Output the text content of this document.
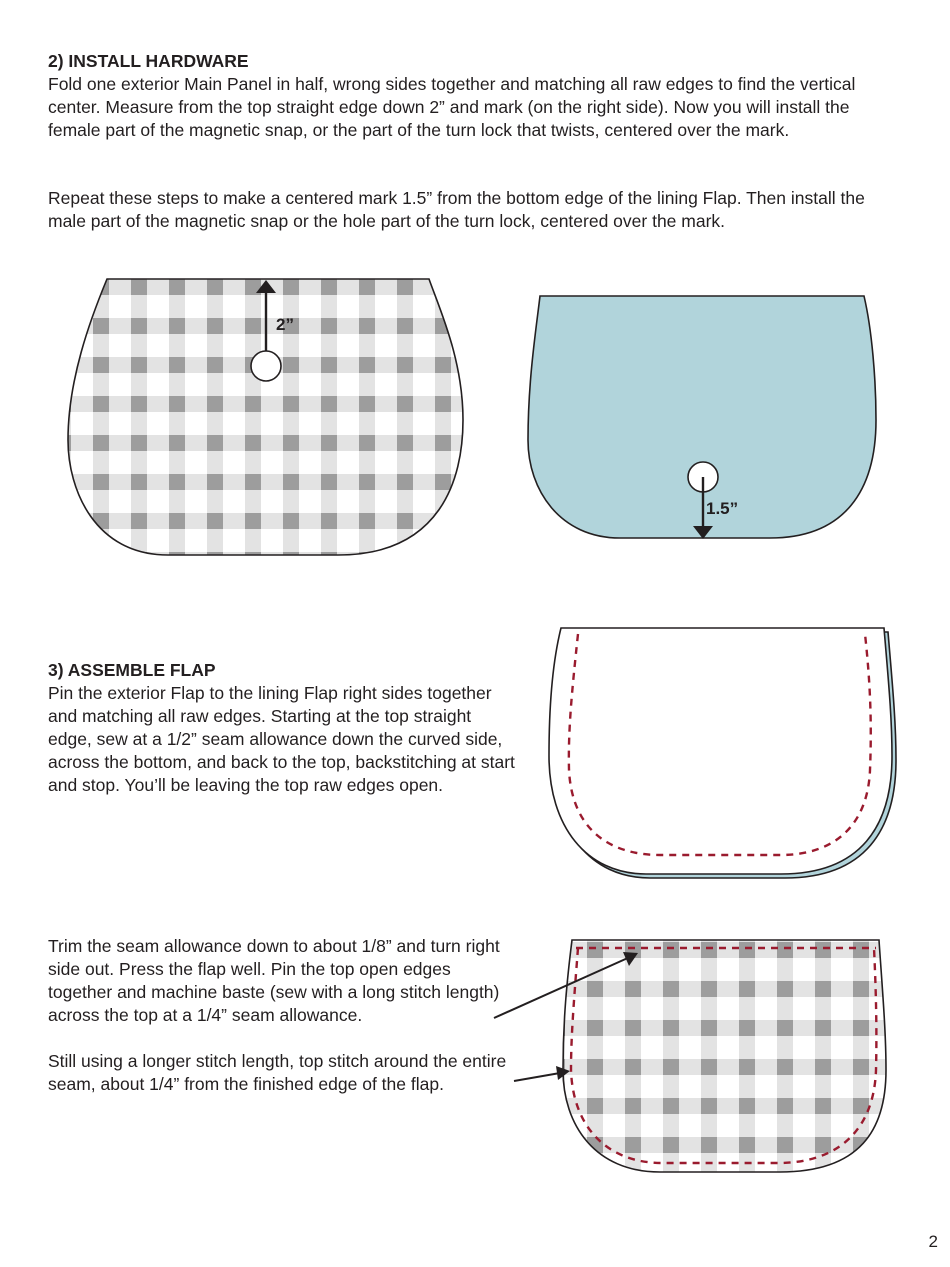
2) INSTALL HARDWARE
Fold one exterior Main Panel in half, wrong sides together and matching all raw edges to find the vertical center. Measure from the top straight edge down 2” and mark (on the right side). Now you will install the female part of the magnetic snap, or the part of the turn lock that twists, centered over the mark.
Repeat these steps to make a centered mark 1.5” from the bottom edge of the lining Flap. Then install the male part of the magnetic snap or the hole part of the turn lock, centered over the mark.
3) ASSEMBLE FLAP
Pin the exterior Flap to the lining Flap right sides together and matching all raw edges. Starting at the top straight edge, sew at a 1/2” seam allowance down the curved side, across the bottom, and back to the top, backstitching at start and stop. You’ll be leaving the top raw edges open.
Trim the seam allowance down to about 1/8” and turn right side out. Press the flap well. Pin the top open edges together and machine baste (sew with a long stitch length) across the top at a 1/4” seam allowance.
Still using a longer stitch length, top stitch around the entire seam, about 1/4” from the finished edge of the flap.
2”
1.5”
2
